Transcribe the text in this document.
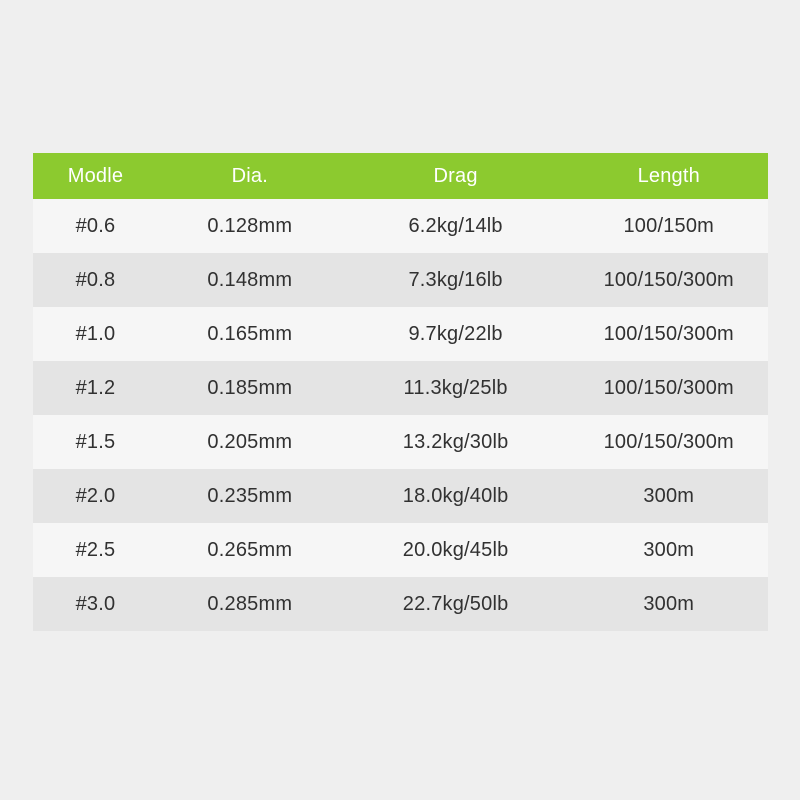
Modle	Dia.	Drag	Length
#0.6	0.128mm	6.2kg/14lb	100/150m
#0.8	0.148mm	7.3kg/16lb	100/150/300m
#1.0	0.165mm	9.7kg/22lb	100/150/300m
#1.2	0.185mm	11.3kg/25lb	100/150/300m
#1.5	0.205mm	13.2kg/30lb	100/150/300m
#2.0	0.235mm	18.0kg/40lb	300m
#2.5	0.265mm	20.0kg/45lb	300m
#3.0	0.285mm	22.7kg/50lb	300m
